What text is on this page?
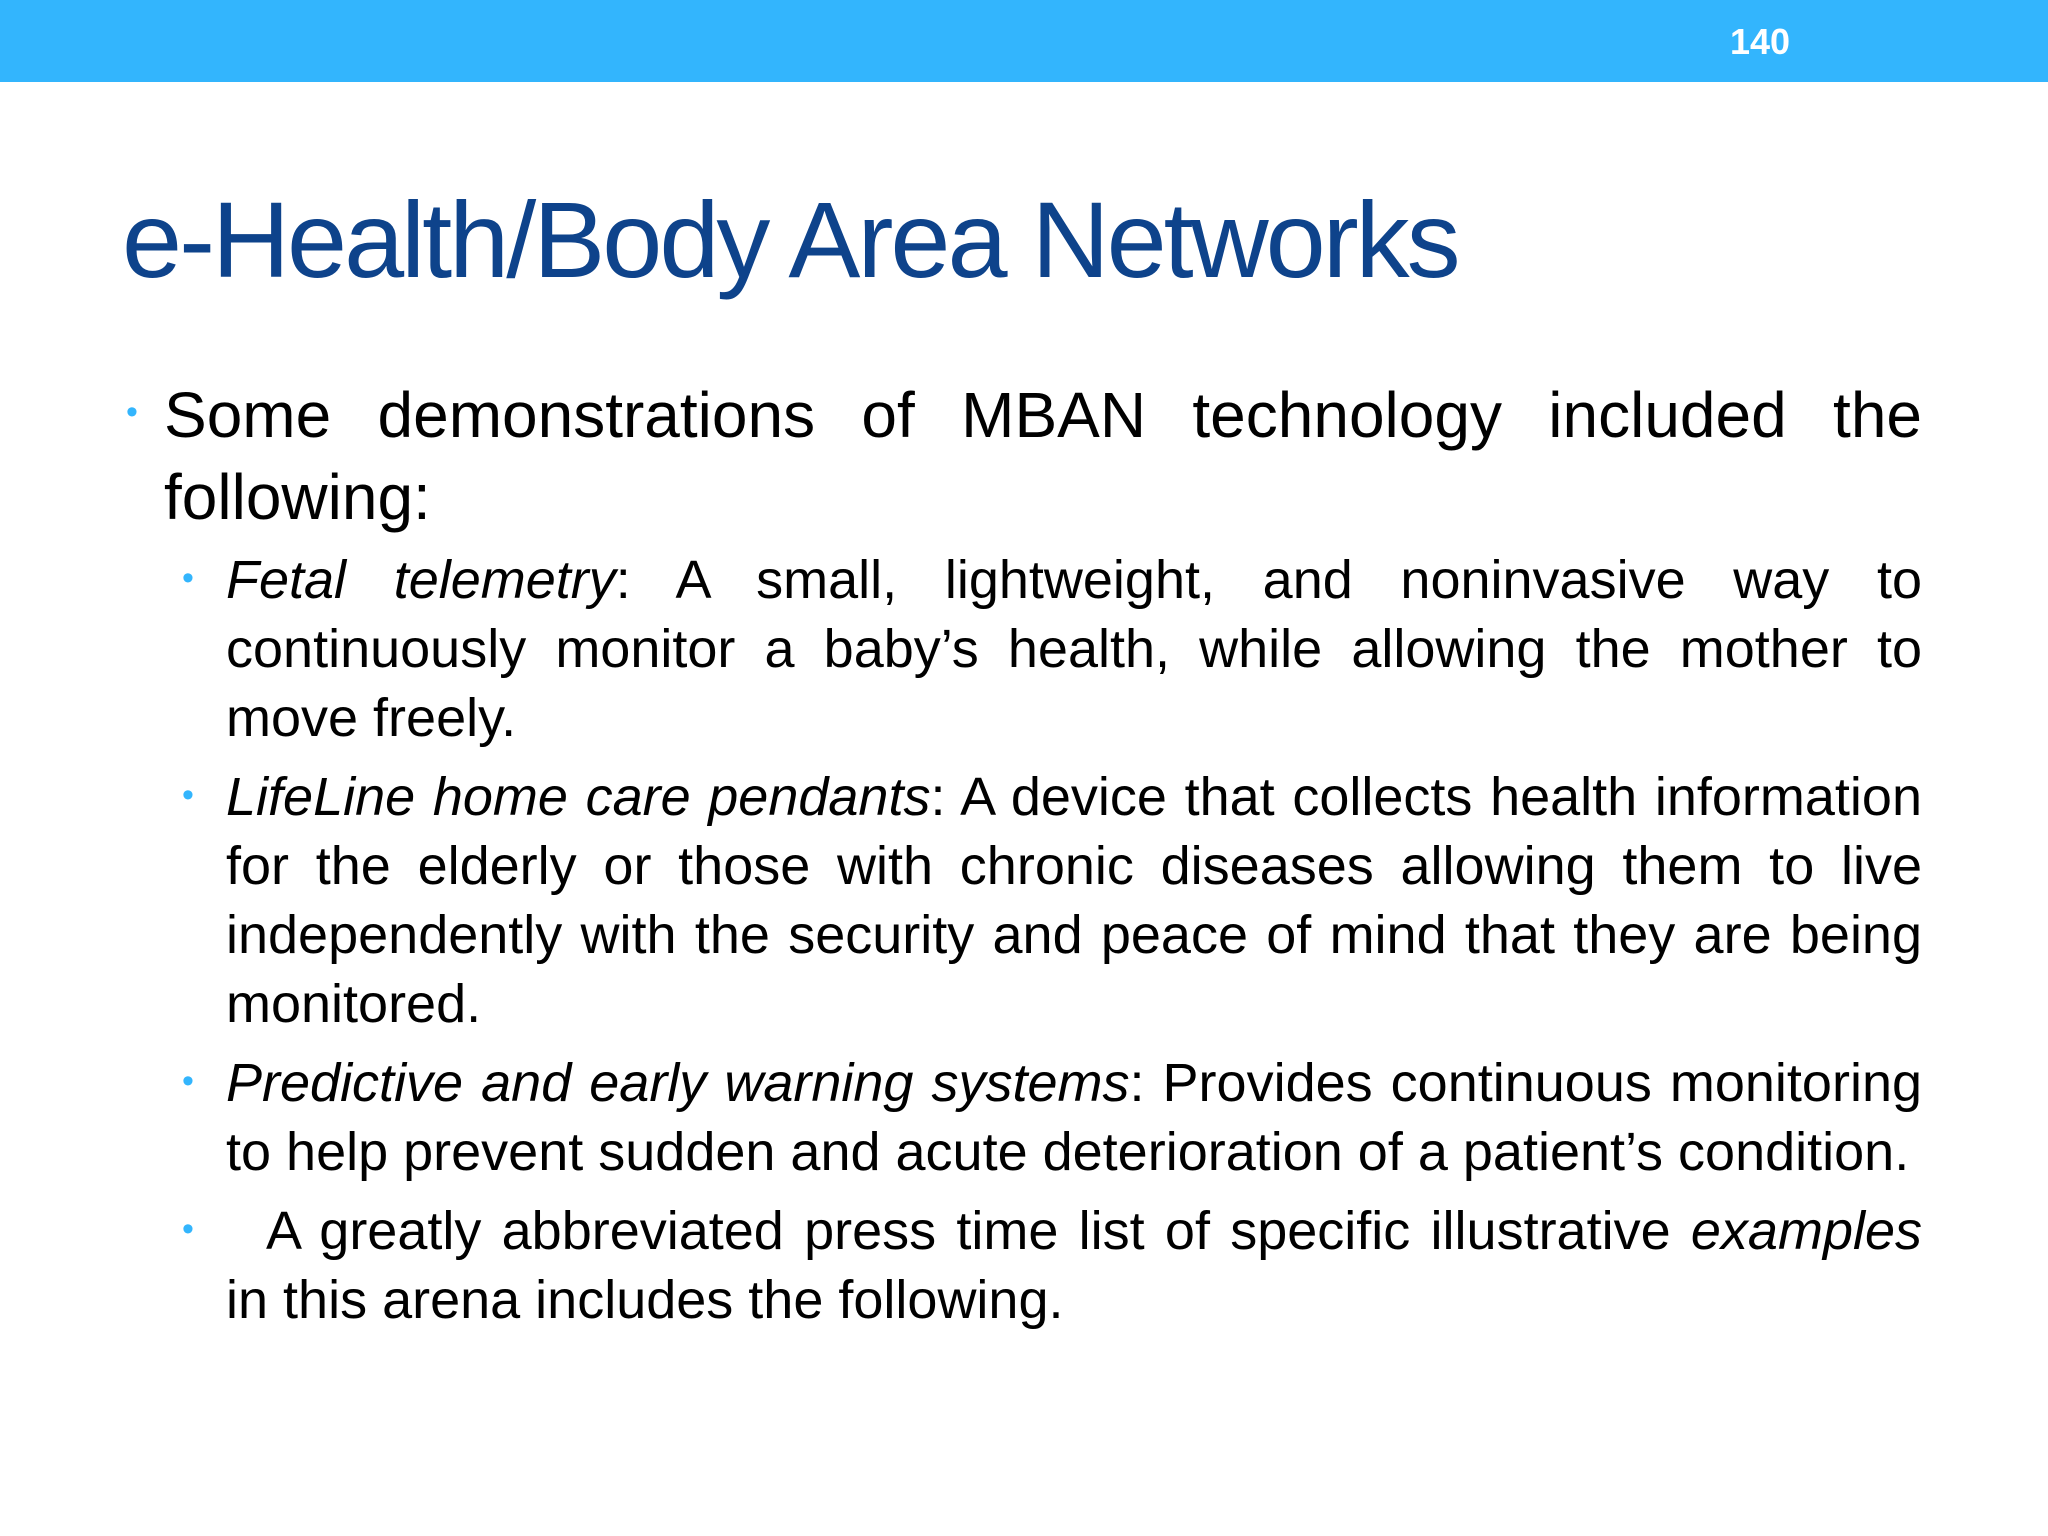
140
e-Health/Body Area Networks
• Some demonstrations of MBAN technology included the following:
• Fetal telemetry: A small, lightweight, and noninvasive way to continuously monitor a baby’s health, while allowing the mother to move freely.
• LifeLine home care pendants: A device that collects health information for the elderly or those with chronic diseases allowing them to live independently with the security and peace of mind that they are being monitored.
• Predictive and early warning systems: Provides continuous monitoring to help prevent sudden and acute deterioration of a patient’s condition.
• A greatly abbreviated press time list of specific illustrative examples in this arena includes the following.
